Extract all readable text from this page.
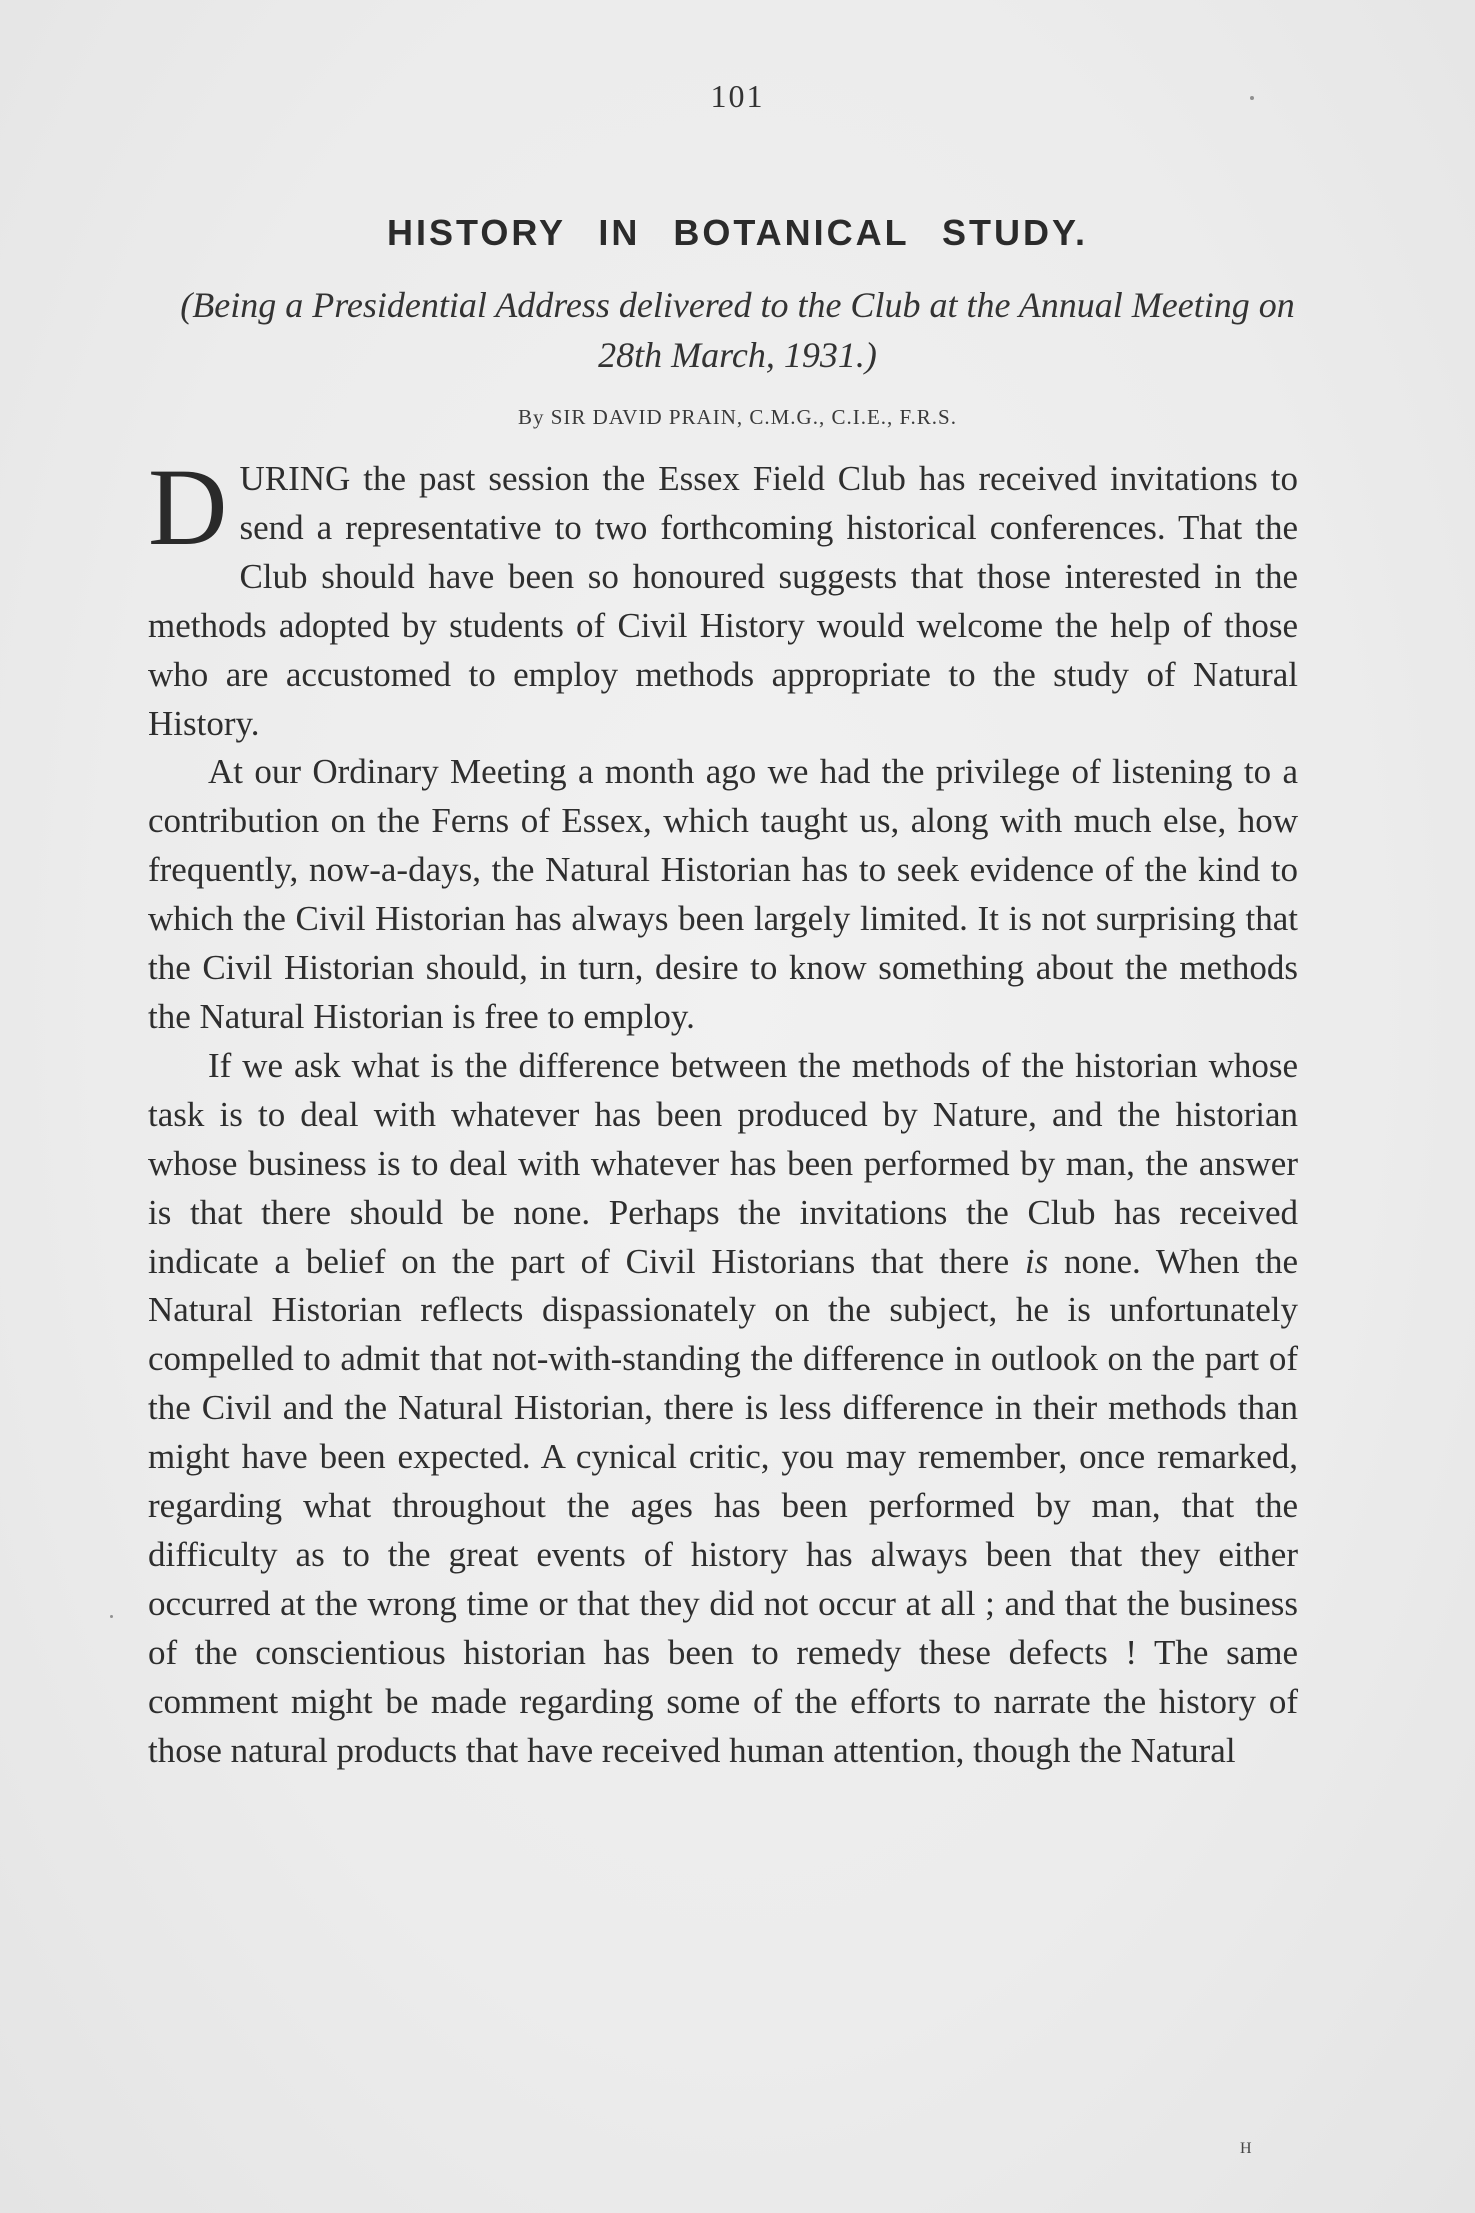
101
HISTORY IN BOTANICAL STUDY.
(Being a Presidential Address delivered to the Club at the Annual Meeting on 28th March, 1931.)
By SIR DAVID PRAIN, C.M.G., C.I.E., F.R.S.

DURING the past session the Essex Field Club has received invitations to send a representative to two forthcoming historical conferences. That the Club should have been so honoured suggests that those interested in the methods adopted by students of Civil History would welcome the help of those who are accustomed to employ methods appropriate to the study of Natural History.

At our Ordinary Meeting a month ago we had the privilege of listening to a contribution on the Ferns of Essex, which taught us, along with much else, how frequently, now-a-days, the Natural Historian has to seek evidence of the kind to which the Civil Historian has always been largely limited. It is not surprising that the Civil Historian should, in turn, desire to know something about the methods the Natural Historian is free to employ.

If we ask what is the difference between the methods of the historian whose task is to deal with whatever has been produced by Nature, and the historian whose business is to deal with whatever has been performed by man, the answer is that there should be none. Perhaps the invitations the Club has received indicate a belief on the part of Civil Historians that there is none. When the Natural Historian reflects dispassionately on the subject, he is unfortunately compelled to admit that not-with-standing the difference in outlook on the part of the Civil and the Natural Historian, there is less difference in their methods than might have been expected. A cynical critic, you may remember, once remarked, regarding what throughout the ages has been performed by man, that the difficulty as to the great events of history has always been that they either occurred at the wrong time or that they did not occur at all ; and that the business of the conscientious historian has been to remedy these defects ! The same comment might be made regarding some of the efforts to narrate the history of those natural products that have received human attention, though the Natural

H
